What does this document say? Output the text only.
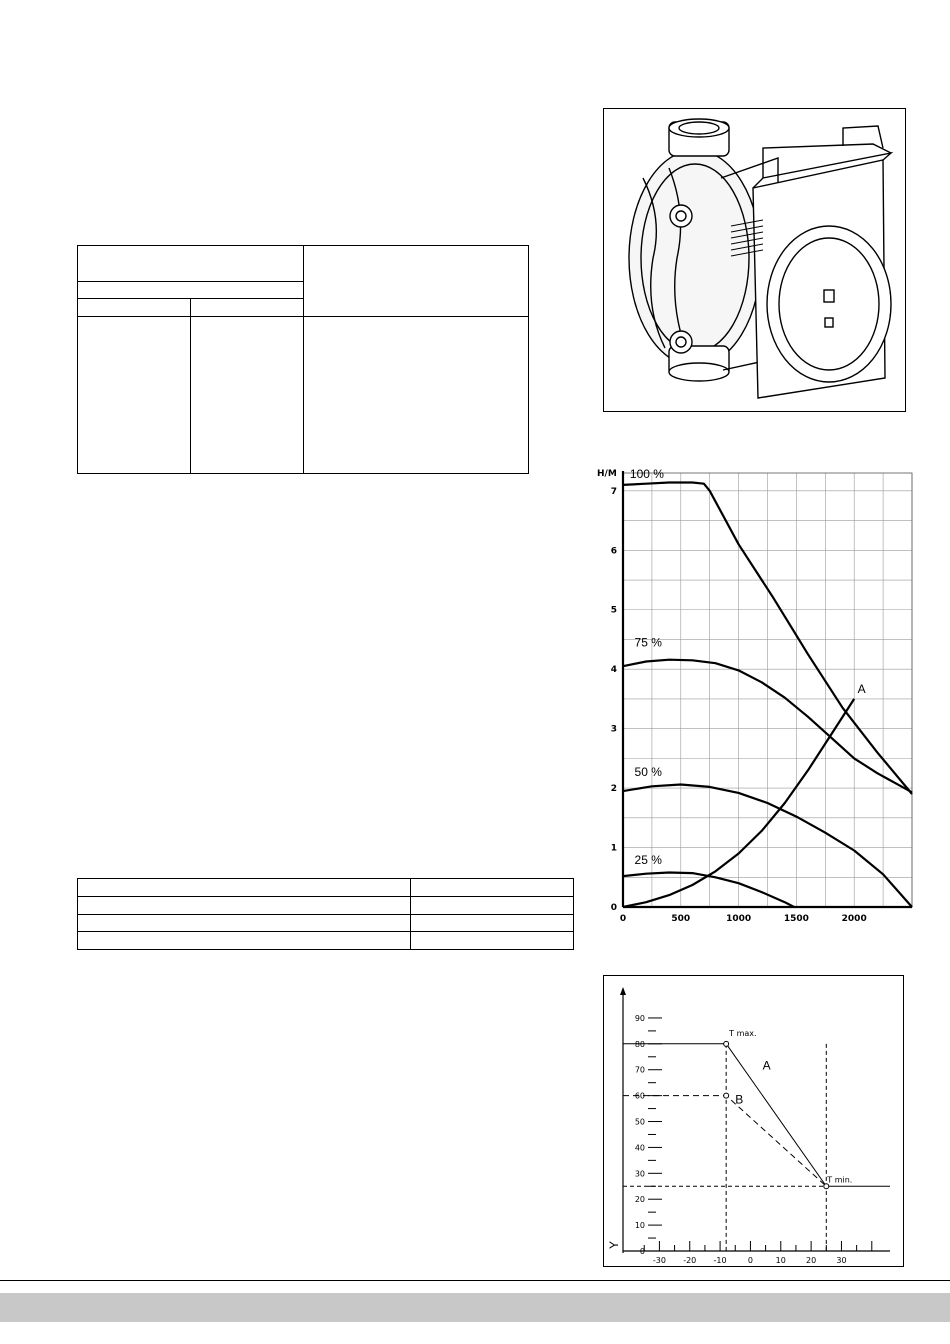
0
1
2
3
4
5
6
7
0	500	1000	1500	2000
H/M 100 %
75 %
50 %
25 %
A
Y
0
10
20
30
40
50
60
70
80
90
-30 -20 -10	0	10	20	30
T max.
T min.
A
B
